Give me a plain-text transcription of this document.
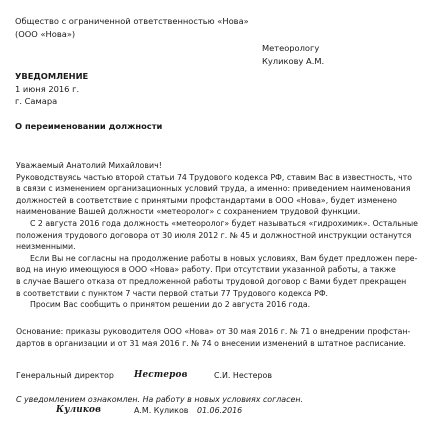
Общество с ограниченной ответственностью «Нова»
(ООО «Нова»)
Метеорологу
Куликову А.М.
УВЕДОМЛЕНИЕ
1 июня 2016 г.
г. Самара
О переименовании должности
Уважаемый Анатолий Михайлович!
Руководствуясь частью второй статьи 74 Трудового кодекса РФ, ставим Вас в известность, что
в связи с изменением организационных условий труда, а именно: приведением наименования
должностей в соответствие с принятыми профстандартами в ООО «Нова», будет изменено
наименование Вашей должности «метеоролог» с сохранением трудовой функции.
С 2 августа 2016 года должность «метеоролог» будет называться «гидрохимик». Остальные
положения трудового договора от 30 июля 2012 г. № 45 и должностной инструкции останутся
неизменными.
Если Вы не согласны на продолжение работы в новых условиях, Вам будет предложен пере-
вод на иную имеющуюся в ООО «Нова» работу. При отсутствии указанной работы, а также
в случае Вашего отказа от предложенной работы трудовой договор с Вами будет прекращен
в соответствии с пунктом 7 части первой статьи 77 Трудового кодекса РФ.
Просим Вас сообщить о принятом решении до 2 августа 2016 года.
Основание: приказы руководителя ООО «Нова» от 30 мая 2016 г. № 71 о внедрении профстан-
дартов в организации и от 31 мая 2016 г. № 74 о внесении изменений в штатное расписание.
Генеральный директор Нестеров	С.И. Нестеров
С уведомлением ознакомлен. На работу в новых условиях согласен.
Куликов	А.М. Куликов 01.06.2016
